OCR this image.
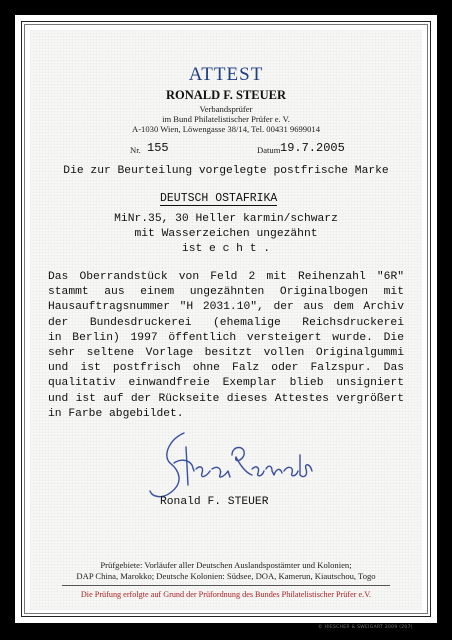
ATTEST
RONALD F. STEUER
Verbandsprüfer
im Bund Philatelistischer Prüfer e. V.
A-1030 Wien, Löwengasse 38/14, Tel. 00431 9699014
Nr. 155	Datum 19.7.2005
Die zur Beurteilung vorgelegte postfrische Marke
DEUTSCH OSTAFRIKA
MiNr.35, 30 Heller karmin/schwarz
mit Wasserzeichen ungezähnt
ist e c h t .
Das Oberrandstück von Feld 2 mit Reihenzahl "6R"
stammt aus einem ungezähnten Originalbogen mit
Hausauftragsnummer "H 2031.10", der aus dem Archiv
der Bundesdruckerei (ehemalige Reichsdruckerei
in Berlin) 1997 öffentlich versteigert wurde. Die
sehr seltene Vorlage besitzt vollen Originalgummi
und ist postfrisch ohne Falz oder Falzspur. Das
qualitativ einwandfreie Exemplar blieb unsigniert
und ist auf der Rückseite dieses Attestes vergrößert
in Farbe abgebildet.
Ronald F. STEUER
Prüfgebiete: Vorläufer aller Deutschen Auslandspostämter und Kolonien;
DAP China, Marokko; Deutsche Kolonien: Südsee, DOA, Kamerun, Kiautschou, Togo
Die Prüfung erfolgte auf Grund der Prüfordnung des Bundes Philatelistischer Prüfer e.V.
© HIESCHER & SWEIGART 2009 (207)
